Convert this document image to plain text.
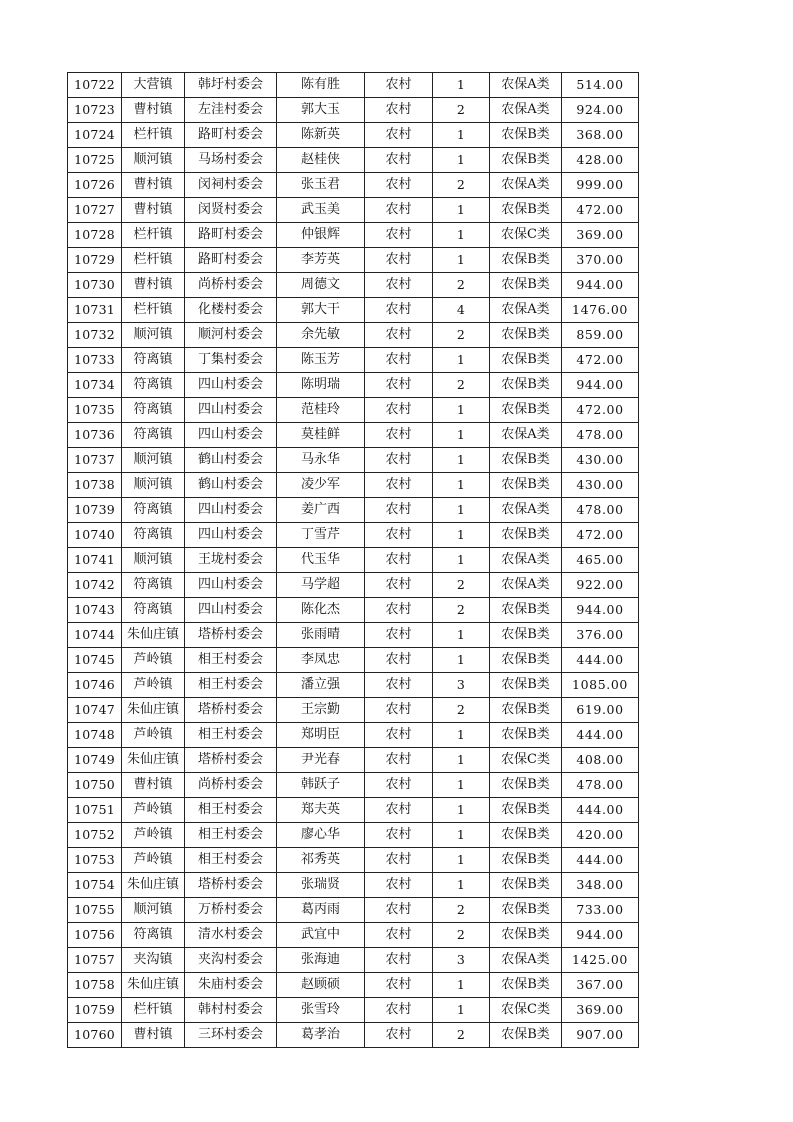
10722	大营镇	韩圩村委会	陈有胜	农村	1	农保A类	514.00
10723	曹村镇	左洼村委会	郭大玉	农村	2	农保A类	924.00
10724	栏杆镇	路町村委会	陈新英	农村	1	农保B类	368.00
10725	顺河镇	马场村委会	赵桂侠	农村	1	农保B类	428.00
10726	曹村镇	闵祠村委会	张玉君	农村	2	农保A类	999.00
10727	曹村镇	闵贤村委会	武玉美	农村	1	农保B类	472.00
10728	栏杆镇	路町村委会	仲银辉	农村	1	农保C类	369.00
10729	栏杆镇	路町村委会	李芳英	农村	1	农保B类	370.00
10730	曹村镇	尚桥村委会	周德文	农村	2	农保B类	944.00
10731	栏杆镇	化楼村委会	郭大干	农村	4	农保A类	1476.00
10732	顺河镇	顺河村委会	余先敏	农村	2	农保B类	859.00
10733	符离镇	丁集村委会	陈玉芳	农村	1	农保B类	472.00
10734	符离镇	四山村委会	陈明瑞	农村	2	农保B类	944.00
10735	符离镇	四山村委会	范桂玲	农村	1	农保B类	472.00
10736	符离镇	四山村委会	莫桂鲜	农村	1	农保A类	478.00
10737	顺河镇	鹤山村委会	马永华	农村	1	农保B类	430.00
10738	顺河镇	鹤山村委会	凌少军	农村	1	农保B类	430.00
10739	符离镇	四山村委会	姜广西	农村	1	农保A类	478.00
10740	符离镇	四山村委会	丁雪芹	农村	1	农保B类	472.00
10741	顺河镇	王垅村委会	代玉华	农村	1	农保A类	465.00
10742	符离镇	四山村委会	马学超	农村	2	农保A类	922.00
10743	符离镇	四山村委会	陈化杰	农村	2	农保B类	944.00
10744	朱仙庄镇	塔桥村委会	张雨晴	农村	1	农保B类	376.00
10745	芦岭镇	相王村委会	李凤忠	农村	1	农保B类	444.00
10746	芦岭镇	相王村委会	潘立强	农村	3	农保B类	1085.00
10747	朱仙庄镇	塔桥村委会	王宗勤	农村	2	农保B类	619.00
10748	芦岭镇	相王村委会	郑明臣	农村	1	农保B类	444.00
10749	朱仙庄镇	塔桥村委会	尹光春	农村	1	农保C类	408.00
10750	曹村镇	尚桥村委会	韩跃子	农村	1	农保B类	478.00
10751	芦岭镇	相王村委会	郑夫英	农村	1	农保B类	444.00
10752	芦岭镇	相王村委会	廖心华	农村	1	农保B类	420.00
10753	芦岭镇	相王村委会	祁秀英	农村	1	农保B类	444.00
10754	朱仙庄镇	塔桥村委会	张瑞贤	农村	1	农保B类	348.00
10755	顺河镇	万桥村委会	葛丙雨	农村	2	农保B类	733.00
10756	符离镇	清水村委会	武宜中	农村	2	农保B类	944.00
10757	夹沟镇	夹沟村委会	张海迪	农村	3	农保A类	1425.00
10758	朱仙庄镇	朱庙村委会	赵顾硕	农村	1	农保B类	367.00
10759	栏杆镇	韩村村委会	张雪玲	农村	1	农保C类	369.00
10760	曹村镇	三环村委会	葛孝治	农村	2	农保B类	907.00
